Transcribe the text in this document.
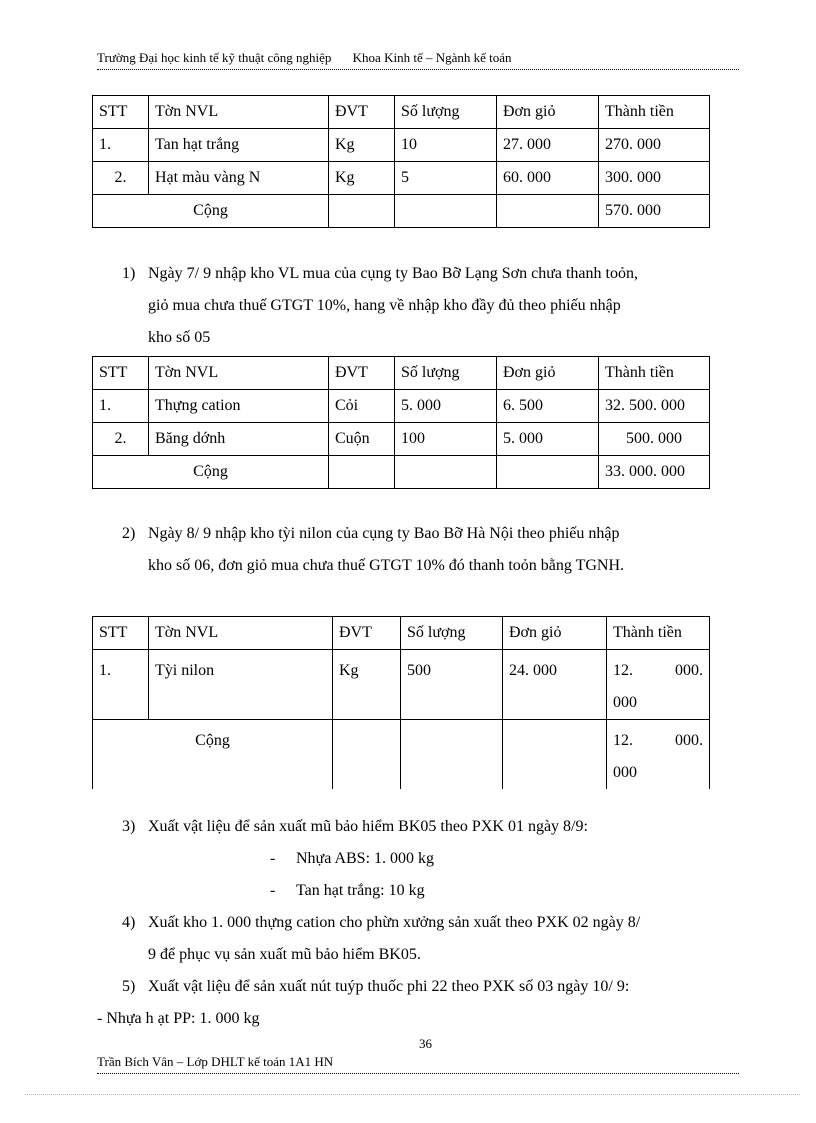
Trường Đại học kinh tế kỹ thuật công nghiệp Khoa Kinh tế – Ngành kế toán
STT	Tờn NVL	ĐVT	Số lượng	Đơn giỏ	Thành tiền
1.	Tan hạt trắng	Kg	10	27. 000	270. 000
2.	Hạt màu vàng N	Kg	5	60. 000	300. 000
Cộng					570. 000
1) Ngày 7/ 9 nhập kho VL mua của cụng ty Bao Bỡ Lạng Sơn chưa thanh toỏn,
giỏ mua chưa thuế GTGT 10%, hang về nhập kho đầy đủ theo phiếu nhập
kho số 05
STT	Tờn NVL	ĐVT	Số lượng	Đơn giỏ	Thành tiền
1.	Thựng cation	Cỏi	5. 000	6. 500	32. 500. 000
2.	Băng dớnh	Cuộn	100	5. 000	500. 000
Cộng					33. 000. 000
2) Ngày 8/ 9 nhập kho tỳi nilon của cụng ty Bao Bỡ Hà Nội theo phiếu nhập
kho số 06, đơn giỏ mua chưa thuế GTGT 10% đó thanh toỏn bằng TGNH.
STT	Tờn NVL	ĐVT	Số lượng	Đơn giỏ	Thành tiền
1.	Tỳi nilon	Kg	500	24. 000	12. 000.
000

Cộng					12. 000.
000
3) Xuất vật liệu để sản xuất mũ bảo hiểm BK05 theo PXK 01 ngày 8/9:
- Nhựa ABS: 1. 000 kg
- Tan hạt trắng: 10 kg
4) Xuất kho 1. 000 thựng cation cho phừn xưởng sản xuất theo PXK 02 ngày 8/
9 để phục vụ sản xuất mũ bảo hiểm BK05.
5) Xuất vật liệu để sản xuất nút tuýp thuốc phi 22 theo PXK số 03 ngày 10/ 9:
- Nhựa h ạt PP: 1. 000 kg
36
Trần Bích Vân – Lớp DHLT kế toán 1A1 HN
